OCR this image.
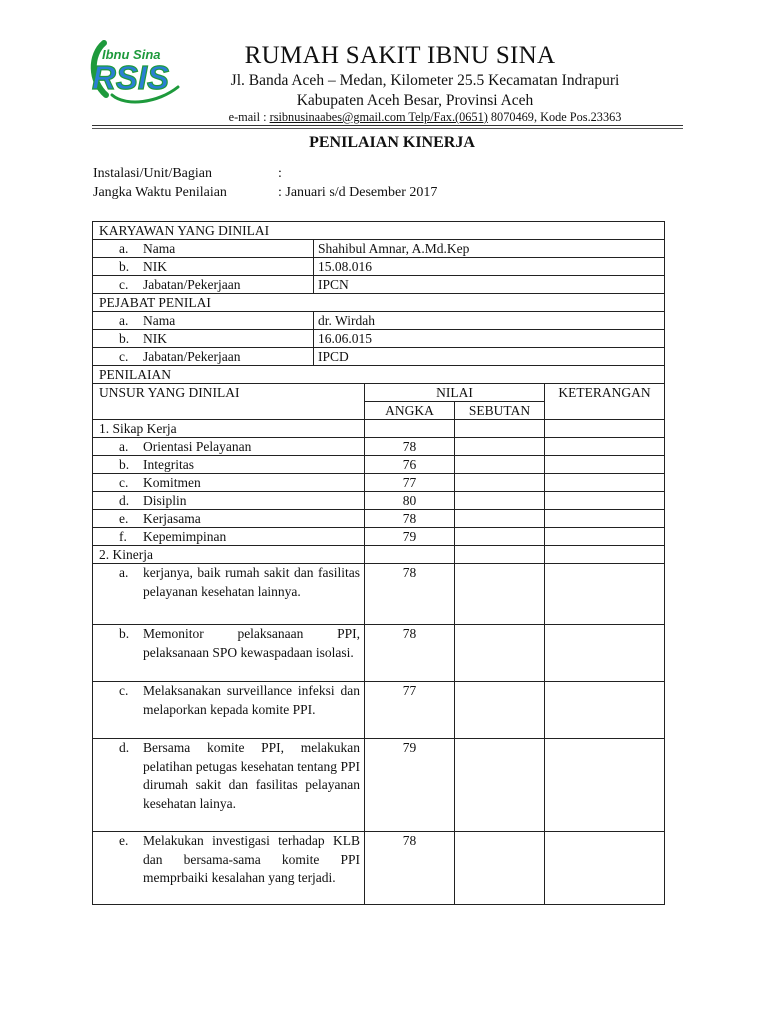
Ibnu Sina
RSIS
RUMAH SAKIT IBNU SINA
Jl. Banda Aceh – Medan, Kilometer 25.5 Kecamatan Indrapuri
Kabupaten Aceh Besar, Provinsi Aceh
e-mail : rsibnusinaabes@gmail.com Telp/Fax.(0651) 8070469, Kode Pos.23363
PENILAIAN KINERJA
Instalasi/Unit/Bagian	:
Jangka Waktu Penilaian	: Januari s/d Desember 2017
KARYAWAN YANG DINILAI				
a. Nama	Shahibul Amnar, A.Md.Kep			
b. NIK	15.08.016			
c. Jabatan/Pekerjaan	IPCN			
PEJABAT PENILAI				
a. Nama	dr. Wirdah			
b. NIK	16.06.015			
c. Jabatan/Pekerjaan	IPCD			
PENILAIAN				
UNSUR YANG DINILAI		NILAI		KETERANGAN
		ANGKA	SEBUTAN	
1. Sikap Kerja				
a. Orientasi Pelayanan		78		
b. Integritas		76		
c. Komitmen		77		
d. Disiplin		80		
e. Kerjasama		78		
f. Kepemimpinan		79		
2. Kinerja				

a. kerjanya, baik rumah sakit dan fasilitas pelayanan kesehatan lainnya.		78		

b. Memonitor pelaksanaan PPI, pelaksanaan SPO kewaspadaan isolasi.		78		

c. Melaksanakan surveillance infeksi dan melaporkan kepada komite PPI.		77		

d. Bersama komite PPI, melakukan pelatihan petugas kesehatan tentang PPI dirumah sakit dan fasilitas pelayanan kesehatan lainya.		79		

e. Melakukan investigasi terhadap KLB dan bersama-sama komite PPI memprbaiki kesalahan yang terjadi.		78		
